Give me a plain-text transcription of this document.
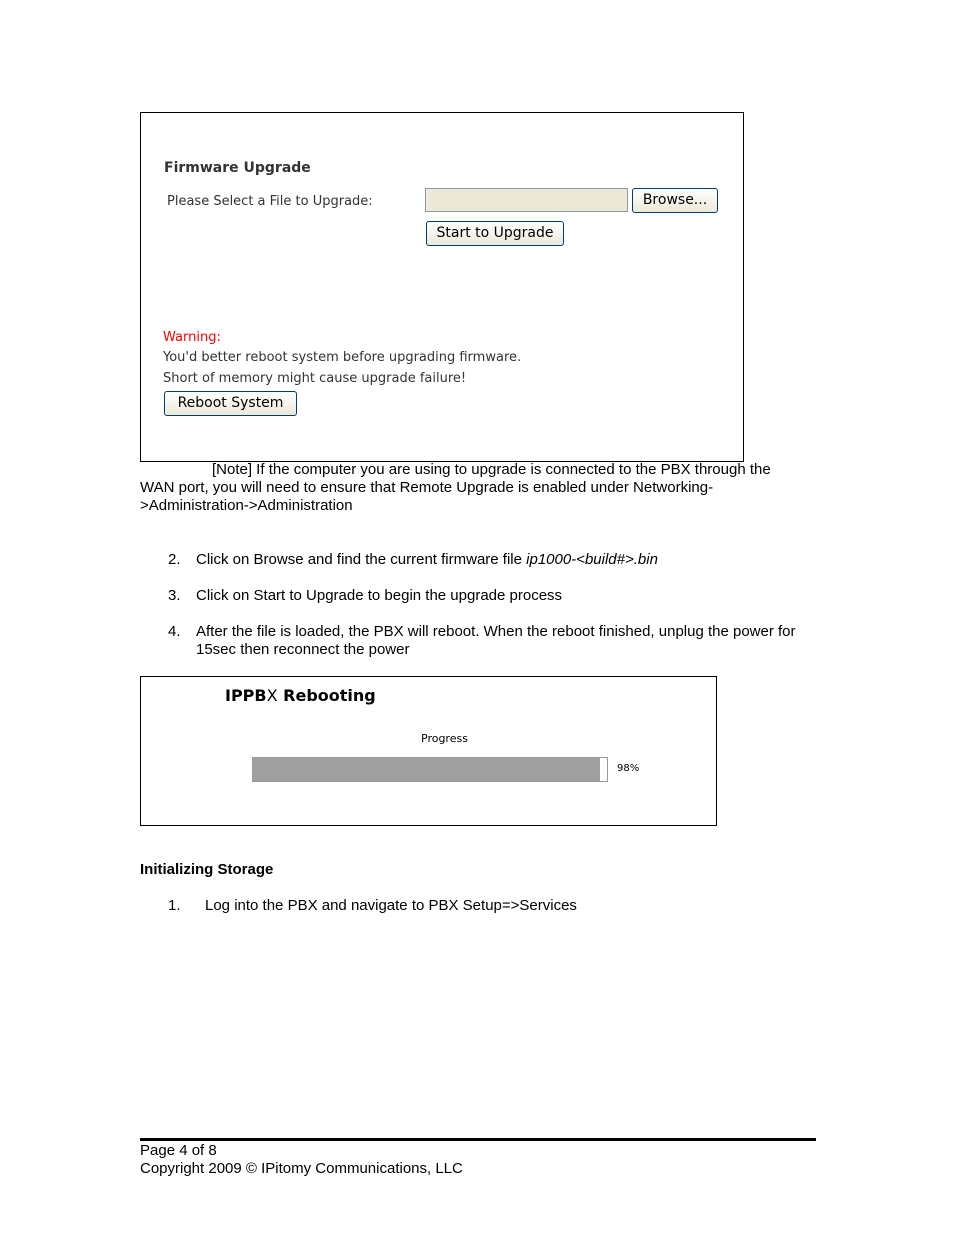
Firmware Upgrade
Please Select a File to Upgrade:	Browse...
Start to Upgrade
Warning:
You'd better reboot system before upgrading firmware.
Short of memory might cause upgrade failure!
Reboot System
[Note] If the computer you are using to upgrade is connected to the PBX through the WAN port, you will need to ensure that Remote Upgrade is enabled under Networking->Administration->Administration
2. Click on Browse and find the current firmware file ip1000-<build#>.bin
3. Click on Start to Upgrade to begin the upgrade process
4. After the file is loaded, the PBX will reboot. When the reboot finished, unplug the power for 15sec then reconnect the power
IPPBX Rebooting
Progress
98%
Initializing Storage
1. Log into the PBX and navigate to PBX Setup=>Services
Page 4 of 8
Copyright 2009 © IPitomy Communications, LLC
